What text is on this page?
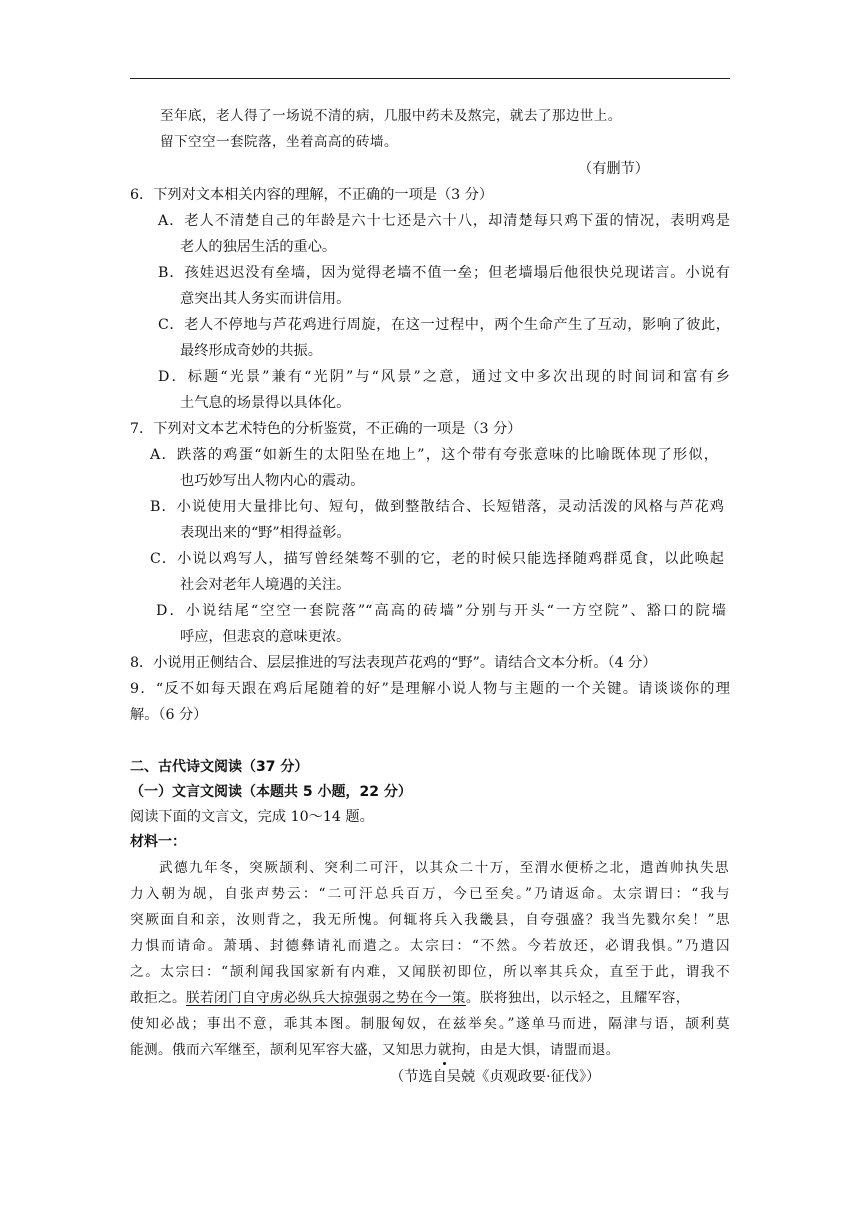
至年底，老人得了一场说不清的病，几服中药未及熬完，就去了那边世上。
留下空空一套院落，坐着高高的砖墙。
（有删节）
6．下列对文本相关内容的理解，不正确的一项是（3 分）
A．老人不清楚自己的年龄是六十七还是六十八，却清楚每只鸡下蛋的情况，表明鸡是
老人的独居生活的重心。
B．孩娃迟迟没有垒墙，因为觉得老墙不值一垒；但老墙塌后他很快兑现诺言。小说有
意突出其人务实而讲信用。
C．老人不停地与芦花鸡进行周旋，在这一过程中，两个生命产生了互动，影响了彼此，
最终形成奇妙的共振。
D．标题“光景”兼有“光阴”与“风景”之意，通过文中多次出现的时间词和富有乡
土气息的场景得以具体化。
7．下列对文本艺术特色的分析鉴赏，不正确的一项是（3 分）
A．跌落的鸡蛋“如新生的太阳坠在地上”，这个带有夸张意味的比喻既体现了形似，
也巧妙写出人物内心的震动。
B．小说使用大量排比句、短句，做到整散结合、长短错落，灵动活泼的风格与芦花鸡
表现出来的“野”相得益彰。
C．小说以鸡写人，描写曾经桀骜不驯的它，老的时候只能选择随鸡群觅食，以此唤起
社会对老年人境遇的关注。
D．小说结尾“空空一套院落”“高高的砖墙”分别与开头“一方空院”、豁口的院墙
呼应，但悲哀的意味更浓。
8．小说用正侧结合、层层推进的写法表现芦花鸡的“野”。请结合文本分析。（4 分）
9．“反不如每天跟在鸡后尾随着的好”是理解小说人物与主题的一个关键。请谈谈你的理
解。（6 分）
二、古代诗文阅读（37 分）
（一）文言文阅读（本题共 5 小题，22 分）
阅读下面的文言文，完成 10～14 题。
材料一：
武德九年冬，突厥颉利、突利二可汗，以其众二十万，至渭水便桥之北，遣酋帅执失思
力入朝为觇，自张声势云：“二可汗总兵百万，今已至矣。”乃请返命。太宗谓曰：“我与
突厥面自和亲，汝则背之，我无所愧。何辄将兵入我畿县，自夸强盛？我当先戮尔矣！”思
力惧而请命。萧瑀、封德彝请礼而遣之。太宗曰：“不然。今若放还，必谓我惧。”乃遣囚
之。太宗曰：“颉利闻我国家新有内难，又闻朕初即位，所以率其兵众，直至于此，谓我不
敢拒之。朕若闭门自守虏必纵兵大掠强弱之势在今一策。朕将独出，以示轻之，且耀军容，
使知必战；事出不意，乖其本图。制服匈奴，在兹举矣。”遂单马而进，隔津与语，颉利莫
能测。俄而六军继至，颉利见军容大盛，又知思力就拘，由是大惧，请盟而退。
（节选自吴兢《贞观政要·征伐》）
